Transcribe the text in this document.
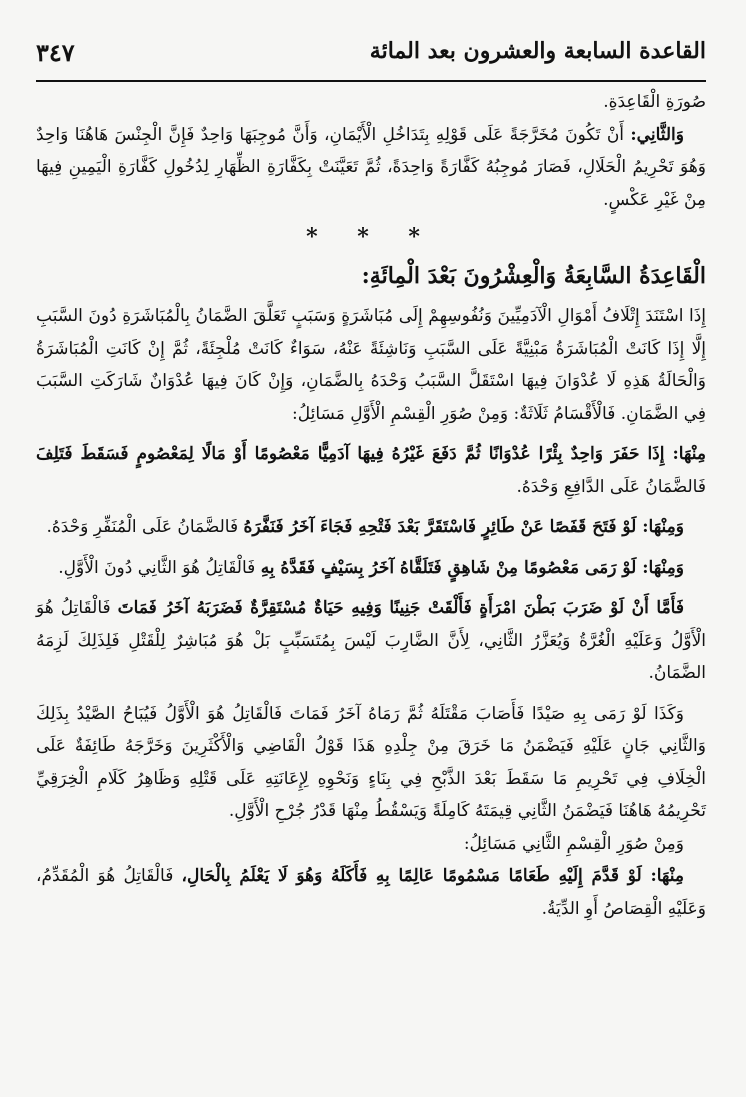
القاعدة السابعة والعشرون بعد المائة
٣٤٧

صُورَةِ الْقَاعِدَةِ.

وَالثَّانِي: أَنْ تَكُونَ مُخَرَّجَةً عَلَى قَوْلِهِ بِتَدَاخُلِ الْأَيْمَانِ، وَأَنَّ مُوجِبَهَا وَاحِدٌ فَإِنَّ الْجِنْسَ هَاهُنَا وَاحِدٌ وَهُوَ تَحْرِيمُ الْحَلَالِ، فَصَارَ مُوجِبُهُ كَفَّارَةً وَاحِدَةً، ثُمَّ تَعَيَّنَتْ بِكَفَّارَةِ الظِّهَارِ لِدُخُولِ كَفَّارَةِ الْيَمِينِ فِيهَا مِنْ غَيْرِ عَكْسٍ.

* * *

الْقَاعِدَةُ السَّابِعَةُ وَالْعِشْرُونَ بَعْدَ الْمِائَةِ:

إِذَا اسْتَنَدَ إِتْلَافُ أَمْوَالِ الْآدَمِيِّينَ وَنُفُوسِهِمْ إِلَى مُبَاشَرَةٍ وَسَبَبٍ تَعَلَّقَ الضَّمَانُ بِالْمُبَاشَرَةِ دُونَ السَّبَبِ إِلَّا إِذَا كَانَتْ الْمُبَاشَرَةُ مَبْنِيَّةً عَلَى السَّبَبِ وَنَاشِئَةً عَنْهُ، سَوَاءٌ كَانَتْ مُلْجِئَةً، ثُمَّ إِنْ كَانَتِ الْمُبَاشَرَةُ وَالْحَالَةُ هَذِهِ لَا عُدْوَانَ فِيهَا اسْتَقَلَّ السَّبَبُ وَحْدَهُ بِالضَّمَانِ، وَإِنْ كَانَ فِيهَا عُدْوَانٌ شَارَكَتِ السَّبَبَ فِي الضَّمَانِ. فَالْأَقْسَامُ ثَلَاثَةٌ: وَمِنْ صُوَرِ الْقِسْمِ الْأَوَّلِ مَسَائِلُ:

مِنْهَا: إِذَا حَفَرَ وَاحِدٌ بِئْرًا عُدْوَانًا ثُمَّ دَفَعَ غَيْرُهُ فِيهَا آدَمِيًّا مَعْصُومًا أَوْ مَالًا لِمَعْصُومٍ فَسَقَطَ فَتَلِفَ فَالضَّمَانُ عَلَى الدَّافِعِ وَحْدَهُ.

وَمِنْهَا: لَوْ فَتَحَ قَفَصًا عَنْ طَائِرٍ فَاسْتَقَرَّ بَعْدَ فَتْحِهِ فَجَاءَ آخَرُ فَنَفَّرَهُ فَالضَّمَانُ عَلَى الْمُنَفِّرِ وَحْدَهُ.

وَمِنْهَا: لَوْ رَمَى مَعْصُومًا مِنْ شَاهِقٍ فَتَلَقَّاهُ آخَرُ بِسَيْفٍ فَقَدَّهُ بِهِ فَالْقَاتِلُ هُوَ الثَّانِي دُونَ الْأَوَّلِ.

فَأَمَّا أَنْ لَوْ ضَرَبَ بَطْنَ امْرَأَةٍ فَأَلْقَتْ جَنِينًا وَفِيهِ حَيَاةٌ مُسْتَقِرَّةٌ فَضَرَبَهُ آخَرُ فَمَاتَ فَالْقَاتِلُ هُوَ الْأَوَّلُ وَعَلَيْهِ الْغُرَّةُ وَيُعَزَّرُ الثَّانِي، لِأَنَّ الضَّارِبَ لَيْسَ بِمُتَسَبِّبٍ بَلْ هُوَ مُبَاشِرٌ لِلْقَتْلِ فَلِذَلِكَ لَزِمَهُ الضَّمَانُ.

وَكَذَا لَوْ رَمَى بِهِ صَيْدًا فَأَصَابَ مَقْتَلَهُ ثُمَّ رَمَاهُ آخَرُ فَمَاتَ فَالْقَاتِلُ هُوَ الْأَوَّلُ فَيُبَاحُ الصَّيْدُ بِذَلِكَ وَالثَّانِي جَانٍ عَلَيْهِ فَيَضْمَنُ مَا خَرَقَ مِنْ جِلْدِهِ هَذَا قَوْلُ الْقَاضِي وَالْأَكْثَرِينَ وَخَرَّجَهُ طَائِفَةٌ عَلَى الْخِلَافِ فِي تَحْرِيمِ مَا سَقَطَ بَعْدَ الذَّبْحِ فِي بِنَاءٍ وَنَحْوِهِ لِإِعَانَتِهِ عَلَى قَتْلِهِ وَظَاهِرُ كَلَامِ الْخِرَقِيِّ تَحْرِيمُهُ هَاهُنَا فَيَضْمَنُ الثَّانِي قِيمَتَهُ كَامِلَةً وَيَسْقُطُ مِنْهَا قَدْرُ جُرْحِ الْأَوَّلِ.

وَمِنْ صُوَرِ الْقِسْمِ الثَّانِي مَسَائِلُ:

مِنْهَا: لَوْ قَدَّمَ إِلَيْهِ طَعَامًا مَسْمُومًا عَالِمًا بِهِ فَأَكَلَهُ وَهُوَ لَا يَعْلَمُ بِالْحَالِ، فَالْقَاتِلُ هُوَ الْمُقَدِّمُ، وَعَلَيْهِ الْقِصَاصُ أَوِ الدِّيَةُ.
